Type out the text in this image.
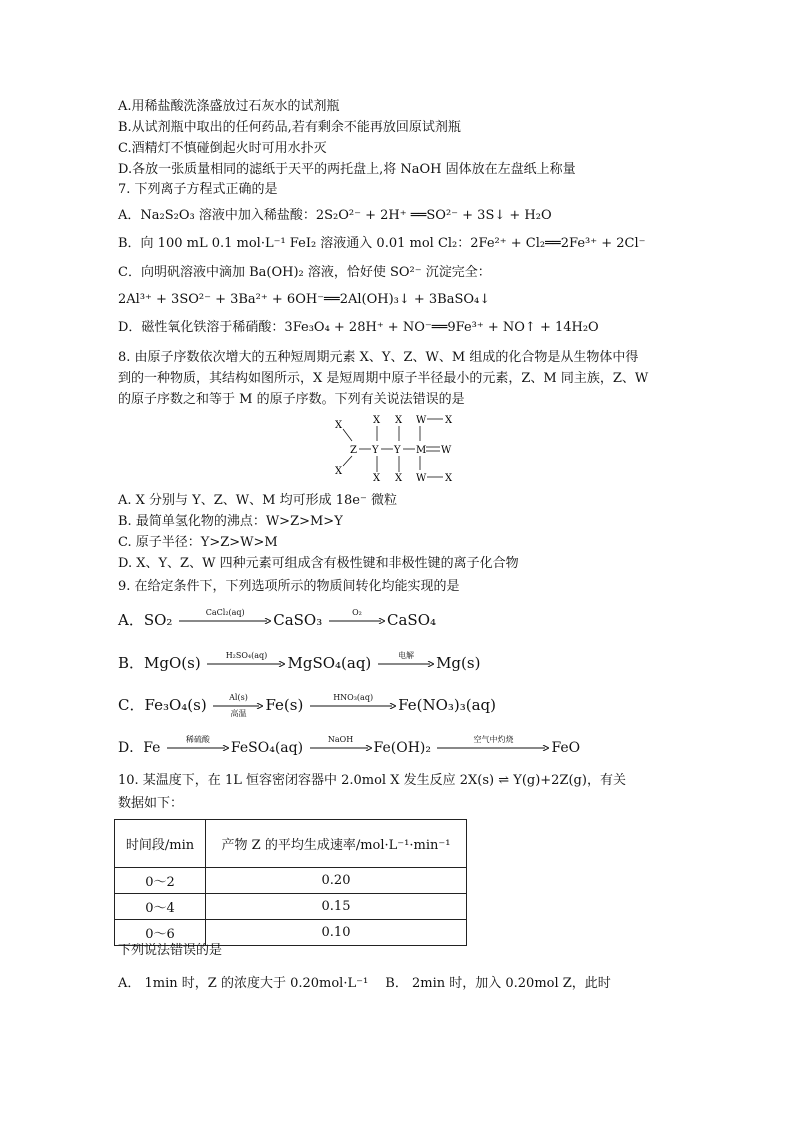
A.用稀盐酸洗涤盛放过石灰水的试剂瓶
B.从试剂瓶中取出的任何药品,若有剩余不能再放回原试剂瓶
C.酒精灯不慎碰倒起火时可用水扑灭
D.各放一张质量相同的滤纸于天平的两托盘上,将 NaOH 固体放在左盘纸上称量
7. 下列离子方程式正确的是
A．Na₂S₂O₃ 溶液中加入稀盐酸：2S₂O²⁻ + 2H⁺ ══SO²⁻ + 3S↓ + H₂O
B．向 100 mL 0.1 mol·L⁻¹ FeI₂ 溶液通入 0.01 mol Cl₂：2Fe²⁺ + Cl₂══2Fe³⁺ + 2Cl⁻
C．向明矾溶液中滴加 Ba(OH)₂ 溶液，恰好使 SO²⁻ 沉淀完全：
2Al³⁺ + 3SO²⁻ + 3Ba²⁺ + 6OH⁻══2Al(OH)₃↓ + 3BaSO₄↓
D．磁性氧化铁溶于稀硝酸：3Fe₃O₄ + 28H⁺ + NO⁻══9Fe³⁺ + NO↑ + 14H₂O
8. 由原子序数依次增大的五种短周期元素 X、Y、Z、W、M 组成的化合物是从生物体中得
到的一种物质，其结构如图所示，X 是短周期中原子半径最小的元素，Z、M 同主族，Z、W
的原子序数之和等于 M 的原子序数。下列有关说法错误的是
X
X
Z Y Y M W
X
X
X
X
W X
W X
A. X 分别与 Y、Z、W、M 均可形成 18e⁻ 微粒
B. 最简单氢化物的沸点：W>Z>M>Y
C. 原子半径：Y>Z>W>M
D. X、Y、Z、W 四种元素可组成含有极性键和非极性键的离子化合物
9. 在给定条件下，下列选项所示的物质间转化均能实现的是
A．SO₂	CaCl₂(aq)	CaSO₃	O₂	CaSO₄
B．MgO(s)	H₂SO₄(aq)	MgSO₄(aq)	电解	Mg(s)
C．Fe₃O₄(s)	Al(s)
高温	Fe(s)	HNO₃(aq)	Fe(NO₃)₃(aq)
D．Fe
稀硫酸
FeSO₄(aq)
NaOH
Fe(OH)₂
空气中灼烧
FeO
10. 某温度下，在 1L 恒容密闭容器中 2.0mol X 发生反应 2X(s) ⇌ Y(g)+2Z(g)，有关
数据如下：
时间段/min	产物 Z 的平均生成速率/mol·L⁻¹·min⁻¹
0～2	0.20
0～4	0.15
0～6	0.10
下列说法错误的是
A． 1min 时，Z 的浓度大于 0.20mol·L⁻¹　 B． 2min 时，加入 0.20mol Z，此时
